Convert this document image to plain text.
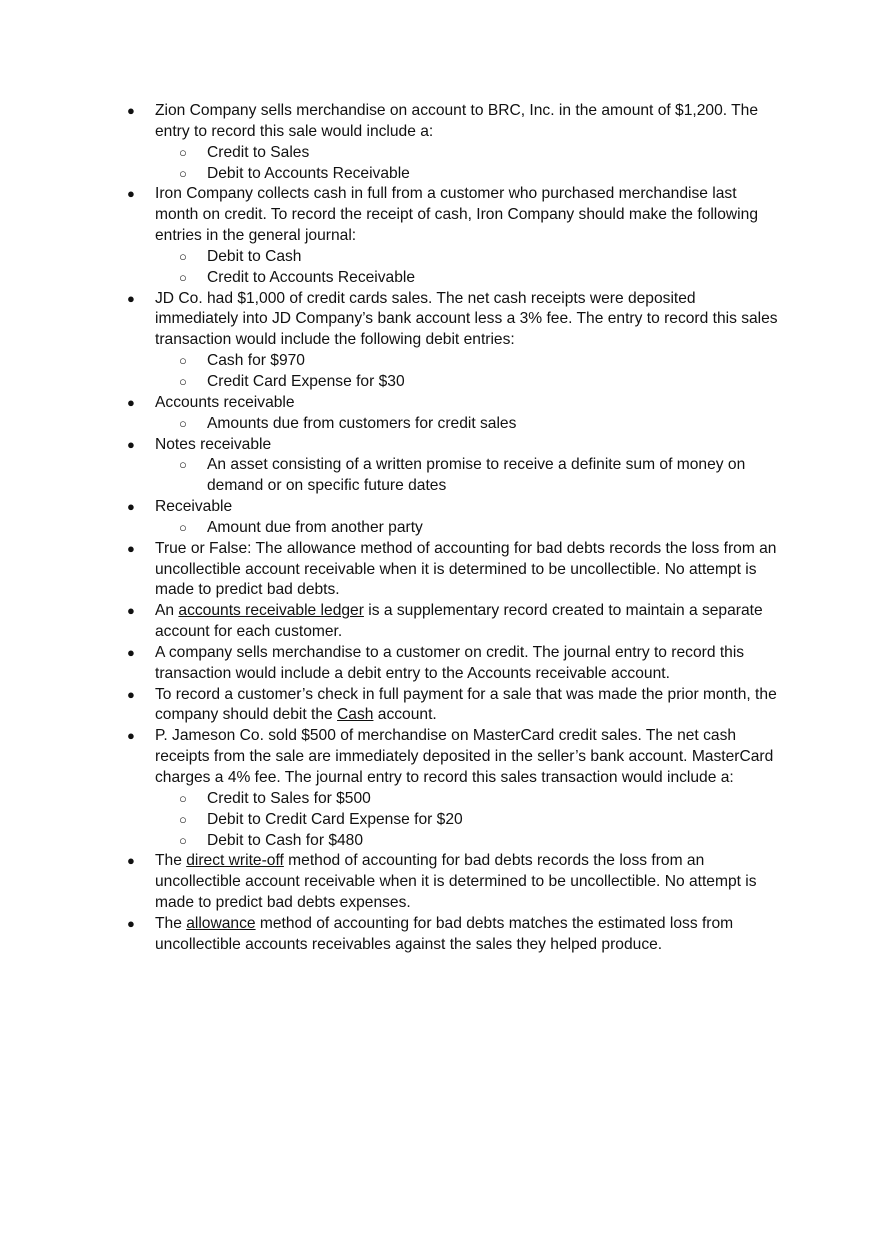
● Zion Company sells merchandise on account to BRC, Inc. in the amount of $1,200. The entry to record this sale would include a:
○ Credit to Sales
○ Debit to Accounts Receivable
● Iron Company collects cash in full from a customer who purchased merchandise last month on credit. To record the receipt of cash, Iron Company should make the following entries in the general journal:
○ Debit to Cash
○ Credit to Accounts Receivable
● JD Co. had $1,000 of credit cards sales. The net cash receipts were deposited immediately into JD Company’s bank account less a 3% fee. The entry to record this sales transaction would include the following debit entries:
○ Cash for $970
○ Credit Card Expense for $30
● Accounts receivable
○ Amounts due from customers for credit sales
● Notes receivable
○ An asset consisting of a written promise to receive a definite sum of money on demand or on specific future dates
● Receivable
○ Amount due from another party
● True or False: The allowance method of accounting for bad debts records the loss from an uncollectible account receivable when it is determined to be uncollectible. No attempt is made to predict bad debts.
● An accounts receivable ledger is a supplementary record created to maintain a separate account for each customer.
● A company sells merchandise to a customer on credit. The journal entry to record this transaction would include a debit entry to the Accounts receivable account.
● To record a customer’s check in full payment for a sale that was made the prior month, the company should debit the Cash account.
● P. Jameson Co. sold $500 of merchandise on MasterCard credit sales. The net cash receipts from the sale are immediately deposited in the seller’s bank account. MasterCard charges a 4% fee. The journal entry to record this sales transaction would include a:
○ Credit to Sales for $500
○ Debit to Credit Card Expense for $20
○ Debit to Cash for $480
● The direct write-off method of accounting for bad debts records the loss from an uncollectible account receivable when it is determined to be uncollectible. No attempt is made to predict bad debts expenses.
● The allowance method of accounting for bad debts matches the estimated loss from uncollectible accounts receivables against the sales they helped produce.
